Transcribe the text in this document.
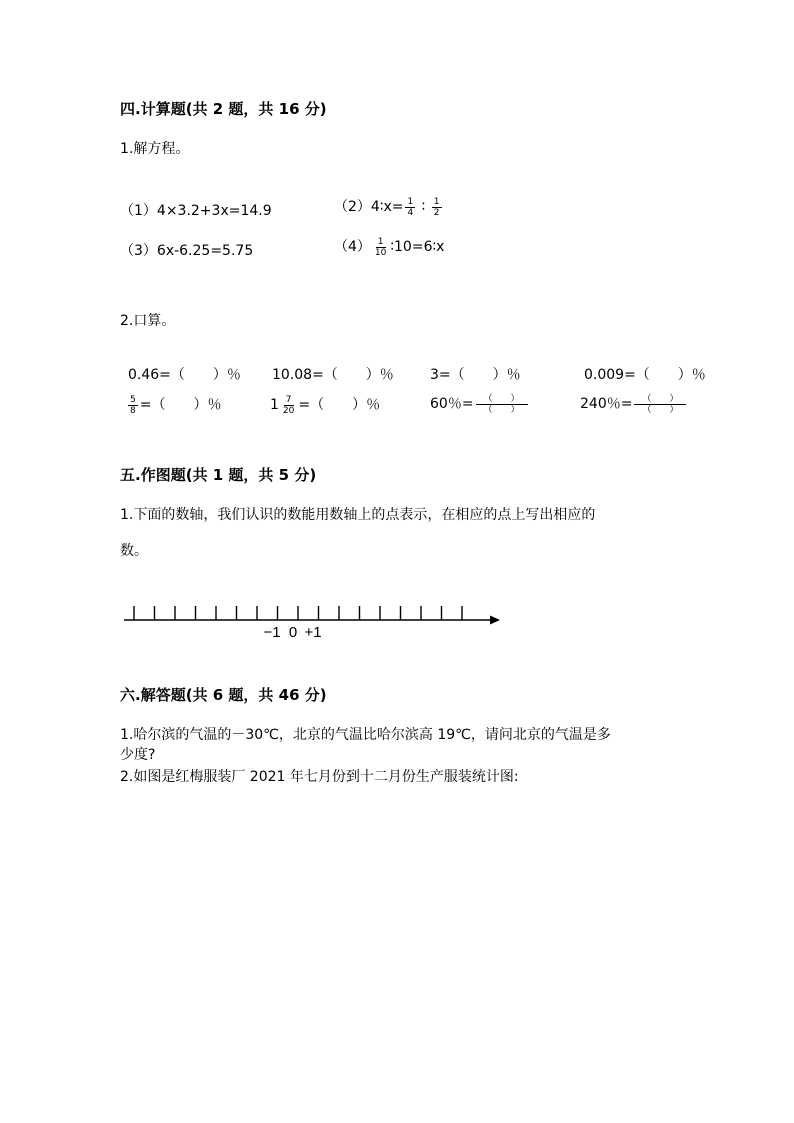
四.计算题(共 2 题，共 16 分)
1.解方程。
（1）4×3.2+3x=14.9	（2）4∶x= $\frac{1}{4}$ ∶ $\frac{1}{2}$
（3）6x-6.25=5.75	$(4) \frac{1}{10}$ ∶10=6∶x
2.口算。
0.46=（　　）％ 10.08=（　　）％	3=（　　）％	0.009=（　　）％
$\frac{5}{8}$ =（　　）％	$1 \frac{7}{20}$ =（　　）％	60％= $\frac{( )}{( )}$	240％= $\frac{( )}{( )}$
五.作图题(共 1 题，共 5 分)
1.下面的数轴，我们认识的数能用数轴上的点表示，在相应的点上写出相应的
数。
−1 0 +1
六.解答题(共 6 题，共 46 分)
1.哈尔滨的气温的－30℃，北京的气温比哈尔滨高 19℃，请问北京的气温是多
少度?
2.如图是红梅服装厂 2021 年七月份到十二月份生产服装统计图:
